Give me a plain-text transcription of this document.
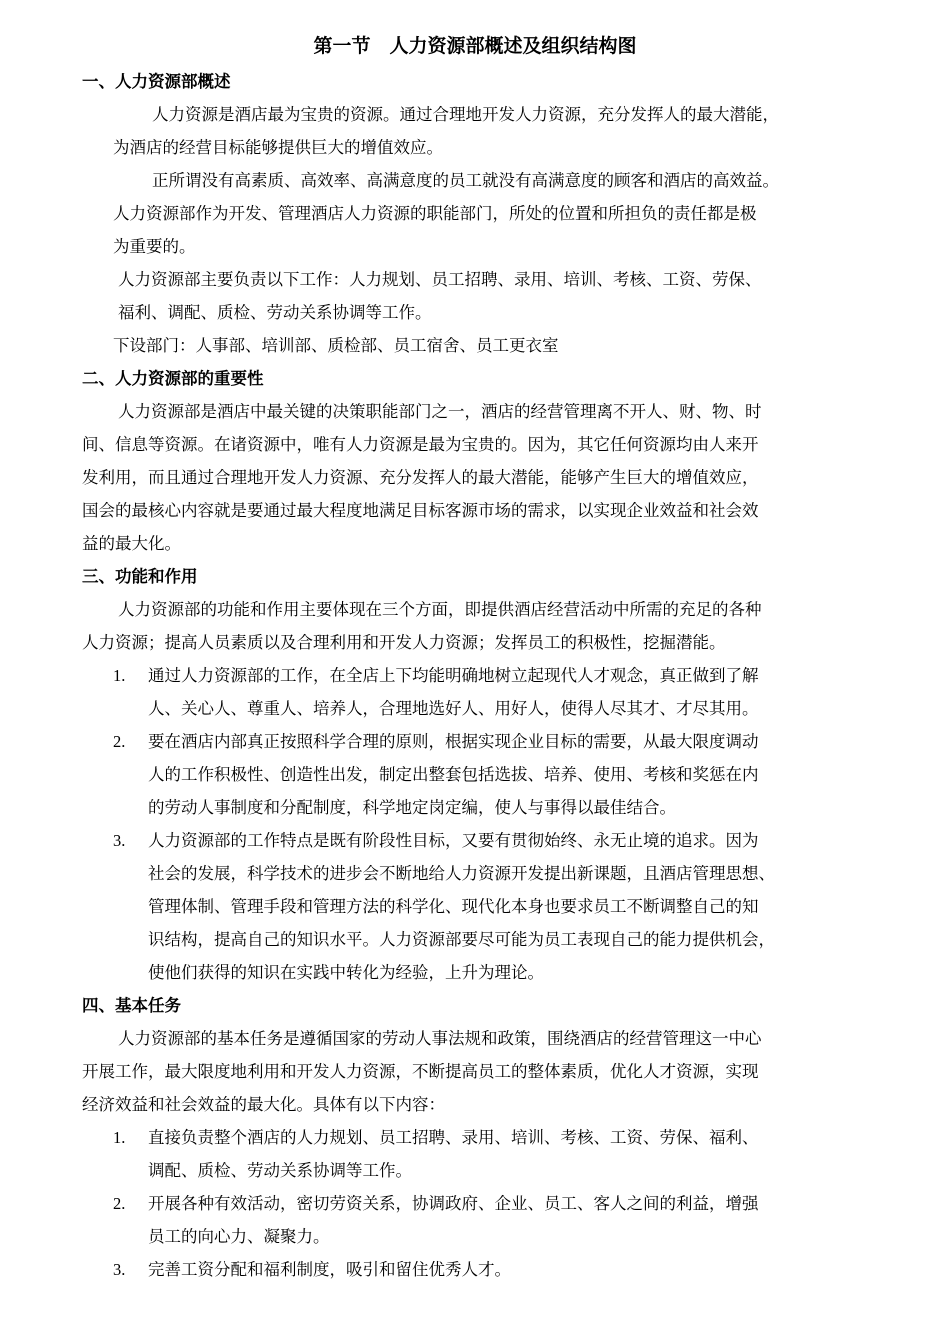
第一节　人力资源部概述及组织结构图
一、人力资源部概述
人力资源是酒店最为宝贵的资源。通过合理地开发人力资源，充分发挥人的最大潜能，
为酒店的经营目标能够提供巨大的增值效应。
正所谓没有高素质、高效率、高满意度的员工就没有高满意度的顾客和酒店的高效益。
人力资源部作为开发、管理酒店人力资源的职能部门，所处的位置和所担负的责任都是极
为重要的。
人力资源部主要负责以下工作：人力规划、员工招聘、录用、培训、考核、工资、劳保、
福利、调配、质检、劳动关系协调等工作。
下设部门：人事部、培训部、质检部、员工宿舍、员工更衣室
二、人力资源部的重要性
人力资源部是酒店中最关键的决策职能部门之一，酒店的经营管理离不开人、财、物、时
间、信息等资源。在诸资源中，唯有人力资源是最为宝贵的。因为，其它任何资源均由人来开
发利用，而且通过合理地开发人力资源、充分发挥人的最大潜能，能够产生巨大的增值效应，
国会的最核心内容就是要通过最大程度地满足目标客源市场的需求，以实现企业效益和社会效
益的最大化。
三、功能和作用
人力资源部的功能和作用主要体现在三个方面，即提供酒店经营活动中所需的充足的各种
人力资源；提高人员素质以及合理利用和开发人力资源；发挥员工的积极性，挖掘潜能。
1. 通过人力资源部的工作，在全店上下均能明确地树立起现代人才观念，真正做到了解
人、关心人、尊重人、培养人，合理地选好人、用好人，使得人尽其才、才尽其用。
2. 要在酒店内部真正按照科学合理的原则，根据实现企业目标的需要，从最大限度调动
人的工作积极性、创造性出发，制定出整套包括选拔、培养、使用、考核和奖惩在内
的劳动人事制度和分配制度，科学地定岗定编，使人与事得以最佳结合。
3. 人力资源部的工作特点是既有阶段性目标，又要有贯彻始终、永无止境的追求。因为
社会的发展，科学技术的进步会不断地给人力资源开发提出新课题，且酒店管理思想、
管理体制、管理手段和管理方法的科学化、现代化本身也要求员工不断调整自己的知
识结构，提高自己的知识水平。人力资源部要尽可能为员工表现自己的能力提供机会，
使他们获得的知识在实践中转化为经验，上升为理论。
四、基本任务
人力资源部的基本任务是遵循国家的劳动人事法规和政策，围绕酒店的经营管理这一中心
开展工作，最大限度地利用和开发人力资源，不断提高员工的整体素质，优化人才资源，实现
经济效益和社会效益的最大化。具体有以下内容：
1. 直接负责整个酒店的人力规划、员工招聘、录用、培训、考核、工资、劳保、福利、
调配、质检、劳动关系协调等工作。
2. 开展各种有效活动，密切劳资关系，协调政府、企业、员工、客人之间的利益，增强
员工的向心力、凝聚力。
3. 完善工资分配和福利制度，吸引和留住优秀人才。
